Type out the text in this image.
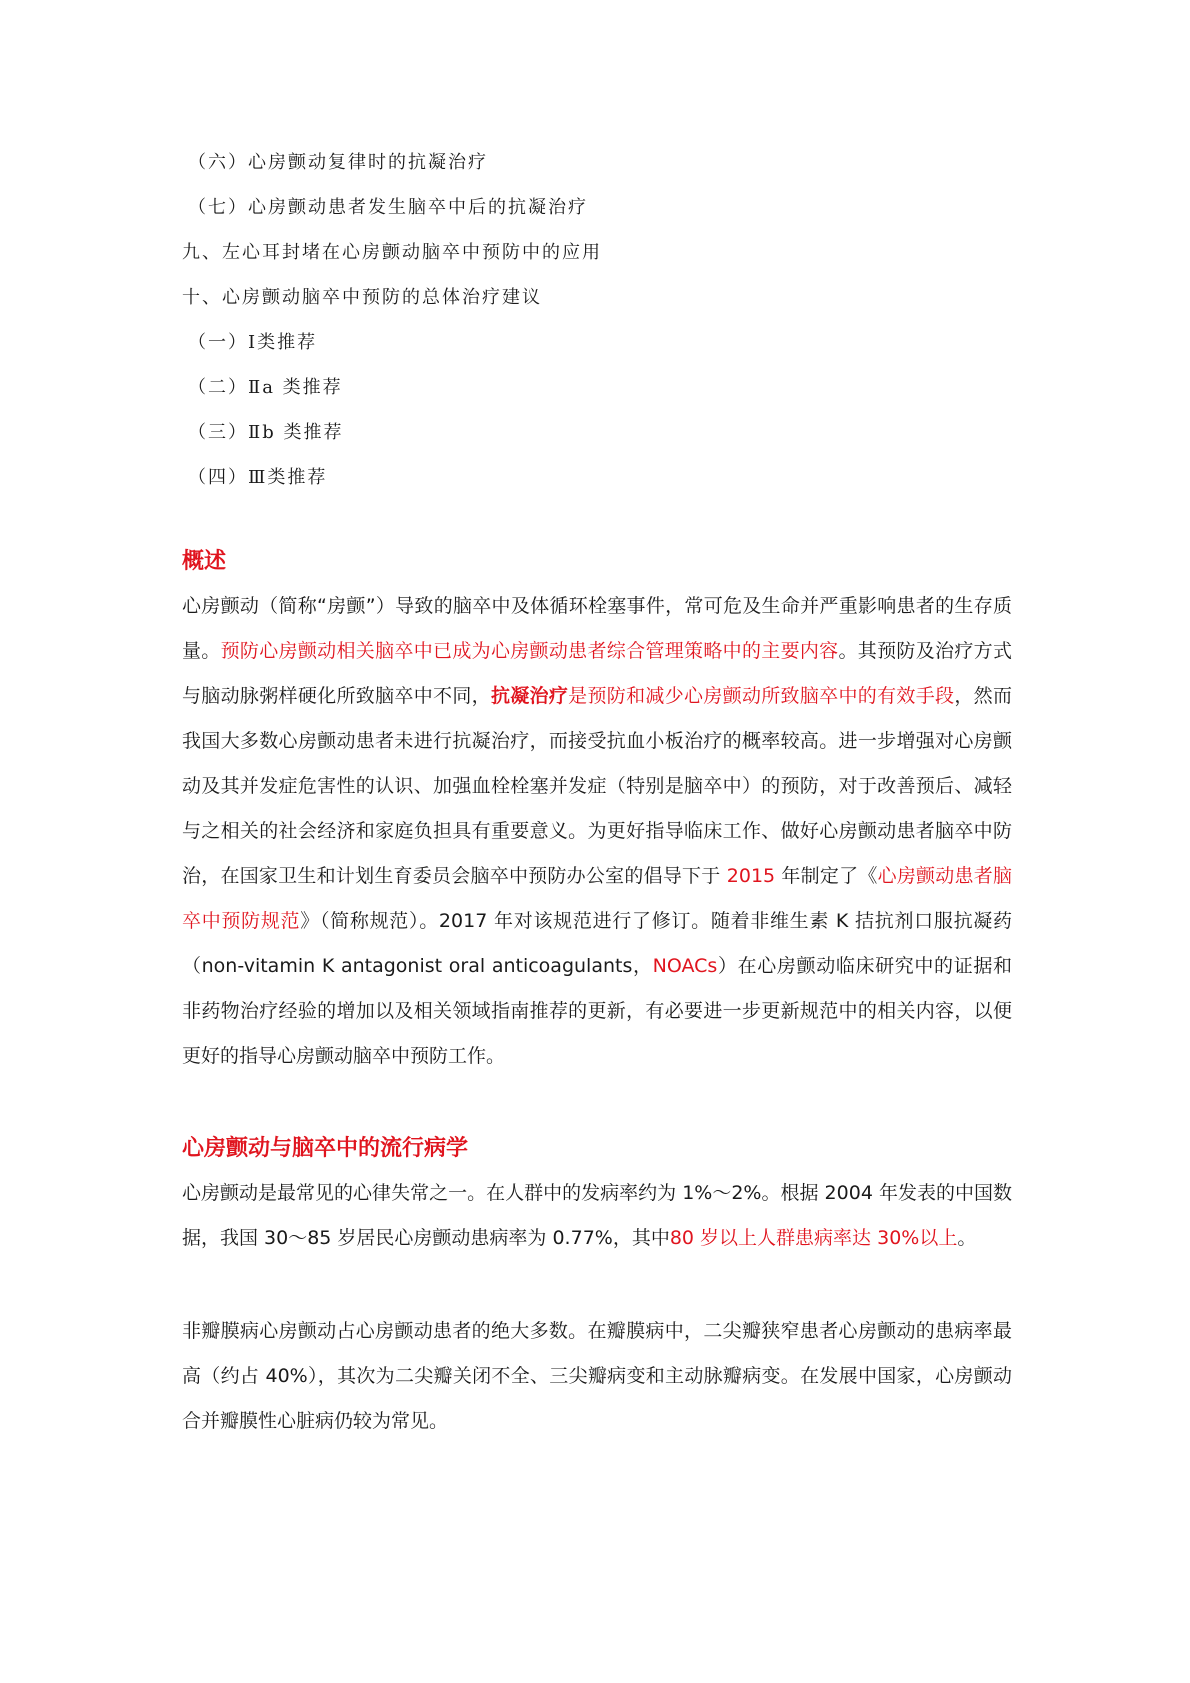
（六）心房颤动复律时的抗凝治疗
（七）心房颤动患者发生脑卒中后的抗凝治疗
九、左心耳封堵在心房颤动脑卒中预防中的应用
十、心房颤动脑卒中预防的总体治疗建议
（一）Ⅰ类推荐
（二）Ⅱa 类推荐
（三）Ⅱb 类推荐
（四）Ⅲ类推荐
概述

心房颤动（简称“房颤”）导致的脑卒中及体循环栓塞事件，常可危及生命并严重影响患者的生存质量。预防心房颤动相关脑卒中已成为心房颤动患者综合管理策略中的主要内容。其预防及治疗方式与脑动脉粥样硬化所致脑卒中不同，抗凝治疗是预防和减少心房颤动所致脑卒中的有效手段，然而我国大多数心房颤动患者未进行抗凝治疗，而接受抗血小板治疗的概率较高。进一步增强对心房颤动及其并发症危害性的认识、加强血栓栓塞并发症（特别是脑卒中）的预防，对于改善预后、减轻与之相关的社会经济和家庭负担具有重要意义。为更好指导临床工作、做好心房颤动患者脑卒中防治，在国家卫生和计划生育委员会脑卒中预防办公室的倡导下于 2015 年制定了《心房颤动患者脑卒中预防规范》（简称规范）。2017 年对该规范进行了修订。随着非维生素 K 拮抗剂口服抗凝药（non-vitamin K antagonist oral anticoagulants，NOACs）在心房颤动临床研究中的证据和非药物治疗经验的增加以及相关领域指南推荐的更新，有必要进一步更新规范中的相关内容，以便更好的指导心房颤动脑卒中预防工作。

心房颤动与脑卒中的流行病学

心房颤动是最常见的心律失常之一。在人群中的发病率约为 1%～2%。根据 2004 年发表的中国数据，我国 30～85 岁居民心房颤动患病率为 0.77%，其中80 岁以上人群患病率达 30%以上。

非瓣膜病心房颤动占心房颤动患者的绝大多数。在瓣膜病中，二尖瓣狭窄患者心房颤动的患病率最高（约占 40%），其次为二尖瓣关闭不全、三尖瓣病变和主动脉瓣病变。在发展中国家，心房颤动合并瓣膜性心脏病仍较为常见。
